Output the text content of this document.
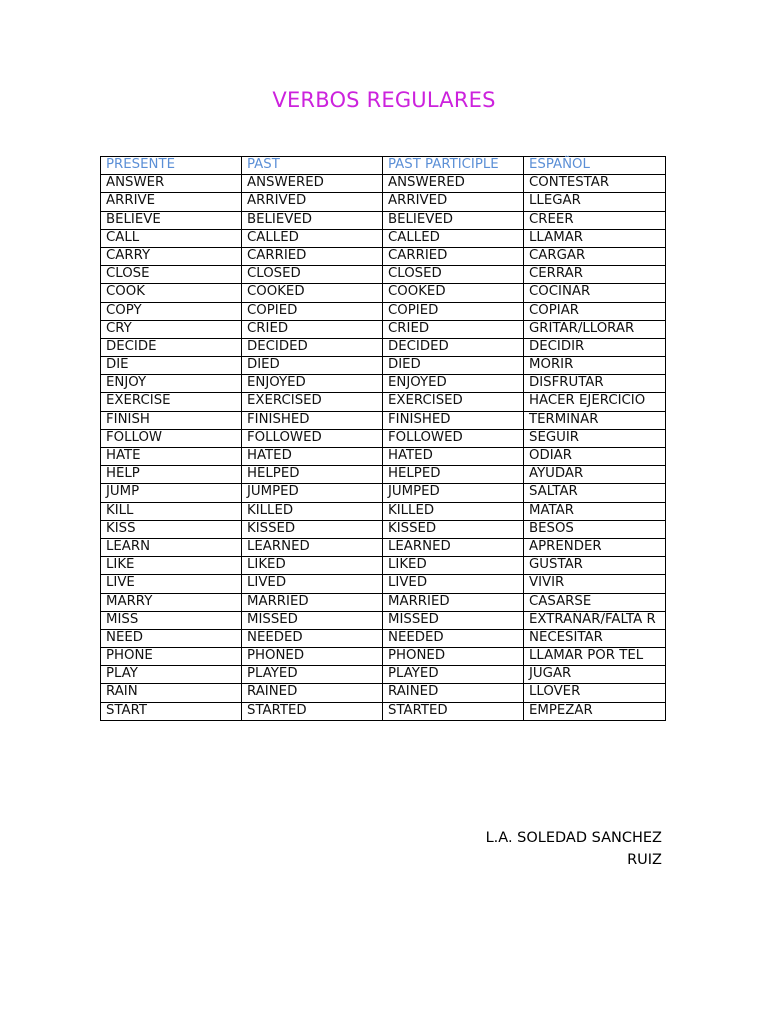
VERBOS REGULARES
PRESENTE	PAST	PAST PARTICIPLE	ESPAÑOL
ANSWER	ANSWERED	ANSWERED	CONTESTAR
ARRIVE	ARRIVED	ARRIVED	LLEGAR
BELIEVE	BELIEVED	BELIEVED	CREER
CALL	CALLED	CALLED	LLAMAR
CARRY	CARRIED	CARRIED	CARGAR
CLOSE	CLOSED	CLOSED	CERRAR
COOK	COOKED	COOKED	COCINAR
COPY	COPIED	COPIED	COPIAR
CRY	CRIED	CRIED	GRITAR/LLORAR
DECIDE	DECIDED	DECIDED	DECIDIR
DIE	DIED	DIED	MORIR
ENJOY	ENJOYED	ENJOYED	DISFRUTAR
EXERCISE	EXERCISED	EXERCISED	HACER EJERCICIO
FINISH	FINISHED	FINISHED	TERMINAR
FOLLOW	FOLLOWED	FOLLOWED	SEGUIR
HATE	HATED	HATED	ODIAR
HELP	HELPED	HELPED	AYUDAR
JUMP	JUMPED	JUMPED	SALTAR
KILL	KILLED	KILLED	MATAR
KISS	KISSED	KISSED	BESOS
LEARN	LEARNED	LEARNED	APRENDER
LIKE	LIKED	LIKED	GUSTAR
LIVE	LIVED	LIVED	VIVIR
MARRY	MARRIED	MARRIED	CASARSE
MISS	MISSED	MISSED	EXTRAÑAR/FALTA R
NEED	NEEDED	NEEDED	NECESITAR
PHONE	PHONED	PHONED	LLAMAR POR TEL
PLAY	PLAYED	PLAYED	JUGAR
RAIN	RAINED	RAINED	LLOVER
START	STARTED	STARTED	EMPEZAR
L.A. SOLEDAD SANCHEZ
RUIZ
